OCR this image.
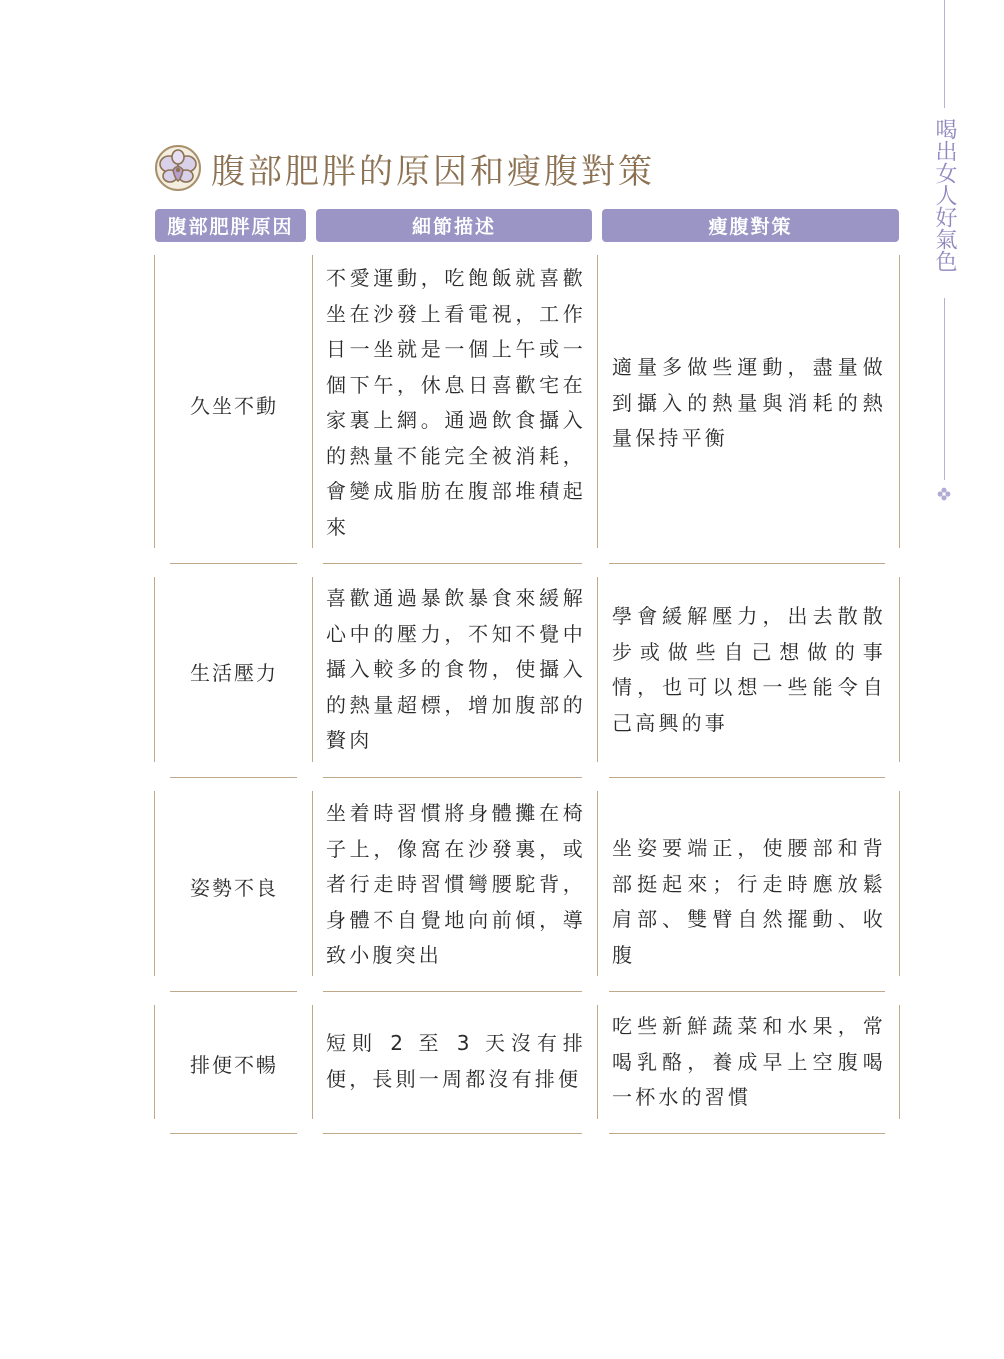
喝出女人好氣色
腹部肥胖的原因和瘦腹對策
腹部肥胖原因	細節描述	瘦腹對策
久坐不動
不愛運動，吃飽飯就喜歡坐在沙發上看電視，工作日一坐就是一個上午或一個下午，休息日喜歡宅在家裏上網。通過飲食攝入的熱量不能完全被消耗，會變成脂肪在腹部堆積起來
適量多做些運動，盡量做到攝入的熱量與消耗的熱量保持平衡
生活壓力
喜歡通過暴飲暴食來緩解心中的壓力，不知不覺中攝入較多的食物，使攝入的熱量超標，增加腹部的贅肉
學會緩解壓力，出去散散步或做些自己想做的事情，也可以想一些能令自己高興的事
姿勢不良
坐着時習慣將身體攤在椅子上，像窩在沙發裏，或者行走時習慣彎腰駝背，身體不自覺地向前傾，導致小腹突出
坐姿要端正，使腰部和背部挺起來；行走時應放鬆肩部、雙臂自然擺動、收腹
排便不暢
短則 2 至 3 天沒有排便，長則一周都沒有排便
吃些新鮮蔬菜和水果，常喝乳酪，養成早上空腹喝一杯水的習慣
